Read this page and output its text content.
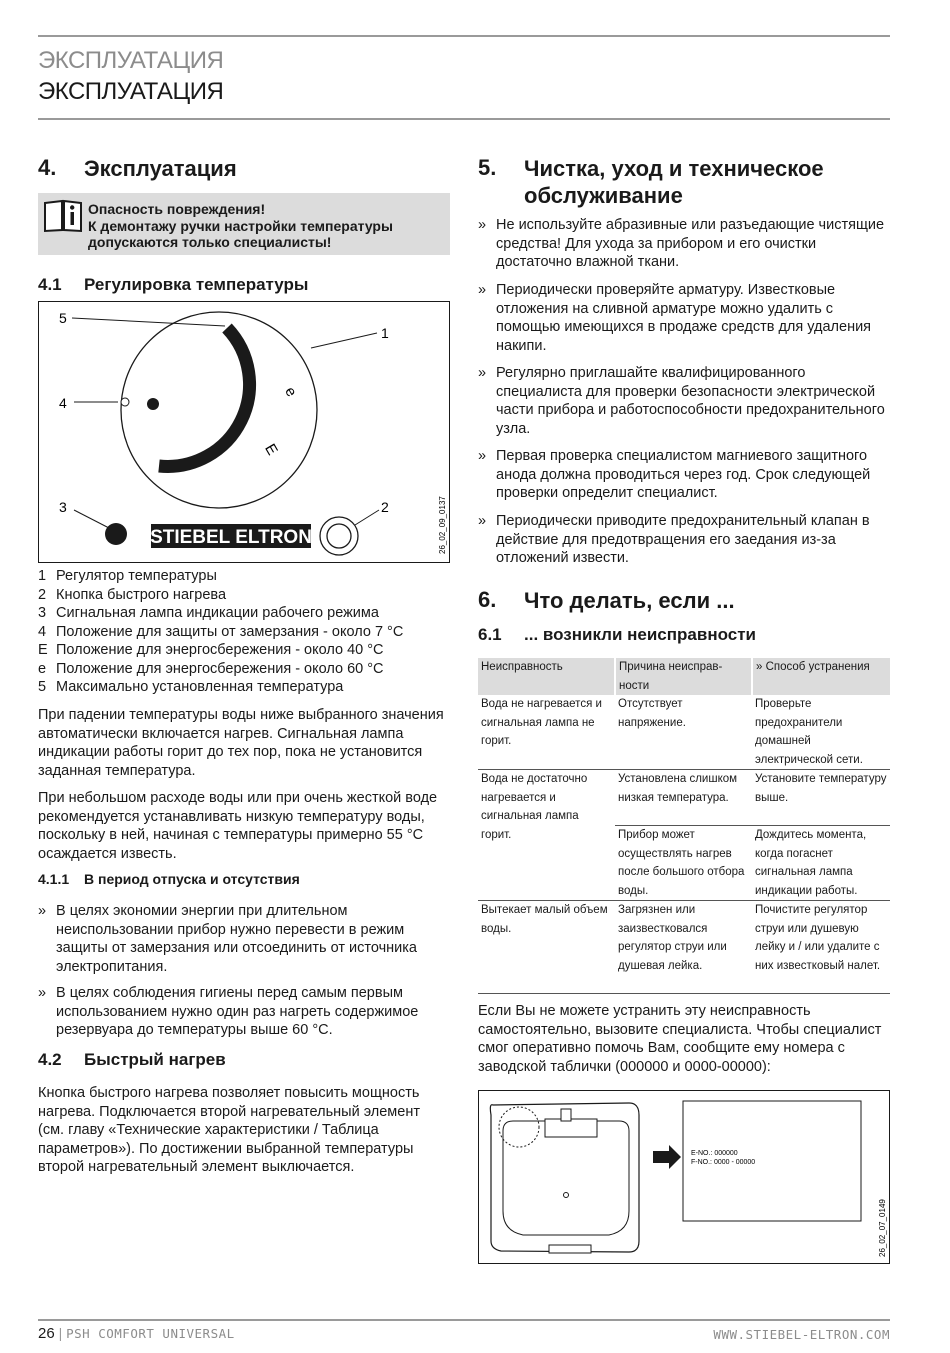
ЭКСПЛУАТАЦИЯ
ЭКСПЛУАТАЦИЯ
4. Эксплуатация
Опасность повреждения!
К демонтажу ручки настройки температуры допускаются только специалисты!
4.1 Регулировка температуры
e
E
STIEBEL ELTRON
5
1
4
3	2	26_02_09_0137
1 Регулятор температуры
2 Кнопка быстрого нагрева
3 Сигнальная лампа индикации рабочего режима
4 Положение для защиты от замерзания - около 7 °C
E Положение для энергосбережения - около 40 °C
e Положение для энергосбережения - около 60 °C
5 Максимально установленная температура
При падении температуры воды ниже выбранного значения автоматически включается нагрев. Сигнальная лампа индикации работы горит до тех пор, пока не установится заданная температура.
При небольшом расходе воды или при очень жесткой воде рекомендуется устанавливать низкую температуру воды, поскольку в ней, начиная с температуры примерно 55 °C осаждается известь.
4.1.1 В период отпуска и отсутствия
» В целях экономии энергии при длительном неиспользовании прибор нужно перевести в режим защиты от замерзания или отсоединить от источника электропитания.
» В целях соблюдения гигиены перед самым первым использованием нужно один раз нагреть содержимое резервуара до температуры выше 60 °C.
4.2 Быстрый нагрев
Кнопка быстрого нагрева позволяет повысить мощность нагрева. Подключается второй нагревательный элемент (см. главу «Технические характеристики / Таблица параметров»). По достижении выбранной температуры второй нагревательный элемент выключается.
5. Чистка, уход и техническое обслуживание
» Не используйте абразивные или разъедающие чистящие средства! Для ухода за прибором и его очистки достаточно влажной ткани.
» Периодически проверяйте арматуру. Известковые отложения на сливной арматуре можно удалить с помощью имеющихся в продаже средств для удаления накипи.
» Регулярно приглашайте квалифицированного специалиста для проверки безопасности электрической части прибора и работоспособности предохранительного узла.
» Первая проверка специалистом магниевого защитного анода должна проводиться через год. Срок следующей проверки определит специалист.
» Периодически приводите предохранительный клапан в действие для предотвращения его заедания из-за отложений извести.
6. Что делать, если ...
6.1 ... возникли неисправности
Неисправность	Причина неисправ-ности	» Способ устранения
Вода не нагревается и сигнальная лампа не горит.	Отсутствует напряжение.	Проверьте предохранители домашней электрической сети.
Вода не достаточно нагревается и сигнальная лампа горит.	Установлена слишком низкая температура.	Установите температуру выше.
	Прибор может осуществлять нагрев после большого отбора воды.	Дождитесь момента, когда погаснет сигнальная лампа индикации работы.
Вытекает малый объем воды.	Загрязнен или заизвестковался регулятор струи или душевая лейка.	Почистите регулятор струи или душевую лейку и / или удалите с них известковый налет.
Если Вы не можете устранить эту неисправность самостоятельно, вызовите специалиста. Чтобы специалист смог оперативно помочь Вам, сообщите ему номера с заводской таблички (000000 и 0000-00000):
E-NO.: 000000
F-NO.: 0000 - 00000
26_02_07_0149
26 | PSH COMFORT UNIVERSAL	WWW.STIEBEL-ELTRON.COM
